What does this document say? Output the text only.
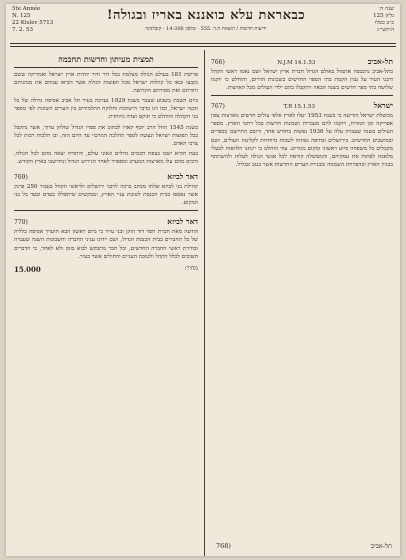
5te Année
N. 125
22 Kislev 5713
7. 2. 53
כבאראת עלא כואננא באריז ובגולה!
ידיעות חדשות / הוצאת ח.ד. 555 · טלפון 14-206 · קזבלנקה
שנה ה׳
גליון 125
כ״ב כסלו
ה׳תשי״ג
תמצית מעיתון וחדשות תחכמה

פריסת 181 בעולם הגולה מצלמת בכל דור ודור יהדות ארץ ישראל ואמריקה ששם נקבצו ובאו כל קהלות ישראל מכל תפוצות הגולה אשר הביאו עמהם את מנהגיהם ותורתם ואת מסורתם הקדושה.

ביום השבת בשבוע שעבר בשנת 1929 נערכה בעיר תל אביב אסיפה גדולה של כל חכמי ישראל, ובה דנו בדבר הישיבות וחלוקת התלמידים בין הערים השונות לפי מספר בני הקהלה והוחלט כי תוקם ועדה מיוחדת.

בשנת 1545 החל הרב יוסף קארו לכתוב את ספרו הגדול שולחן ערוך, אשר נתקבל בכל תפוצות ישראל ונעשה לספר ההלכה המרכזי עד היום הזה, ובו הלכות רבות לכל צרכי האדם.

בעת ההיא ישבו בצפת חכמים גדולים וגאוני עולם, והתורה יצאה מהם לכל הגולה, ורבים מהם עלו מארצות המערב ומספרד לאחר הגירוש הגדול ונתיישבו בארץ הקודש.

דאר לביזא
(769

קהילת בני לביזא שלחו מכתב ברכה לרבני ירושלים ולראשי הקהל בעבור 250 פרנק אשר נאספו בבית הכנסת לטובת עניי הארץ, ומבקשים שיתפללו בעדם ובעד כל בני המקום.

דאר לביזא
(770

הודעה מאת חברת חסד דוד הזקן ובני עירו כי ביום ראשון הבא תיערך אסיפה כללית של כל החברים בבית הכנסת הגדול, ושם יידונו עניני החברה וחשבונות השנה שעברה ובחירת ראשי החברה החדשים, וכל חבר מתבקש לבוא בזמן ולא לאחר, כי הדברים חשובים לכלל הקהל ולטובת העניים והחולים אשר בעיר.

מחיר:
15.000
תל-אביב
N.J.M 14.1.53
(766

בתל-אביב נתכנסה אתמול באולם הגדול חברת ארץ ישראל ושם נאמו ראשי הקהל ורבני העיר על ענין הקמת בתי הספר החדשים בשכונות הדרום, והוחלט כי יוקמו שלושה בתי ספר חדשים בשנה הבאה ויתקבלו בהם ילדי העולים מכל הארצות.

ישראל
T.R 15.1.53
(767

ממשלת ישראל הודיעה כי בשנת 1953 יעלו לארץ אלפי עולים חדשים מארצות צפון אפריקה ומן המזרח, ויוקמו להם מעברות ושכונות חדשות בכל רחבי הארץ. מספר העולים בשנה שעברה עלה על 1936 נפשות בחודש אחד, ורובם התיישבו בכפרים ובמושבים החדשים. בירושלים ובחיפה נפתחו לשכות מיוחדות לקליטת העולים, ושם מקבלים כל משפחה סיוע ראשוני ומקום מגורים. עוד הוחלט כי יינתנו הלוואות לבעלי מלאכה לפתוח את עסקיהם, והממשלה קוראת לכל אנשי הגולה לעלות ולהשתתף בבניין הארץ ובהפרחת השממה ובבניית הערים החדשות אשר בנגב ובגליל.

תל-אביב
(768
